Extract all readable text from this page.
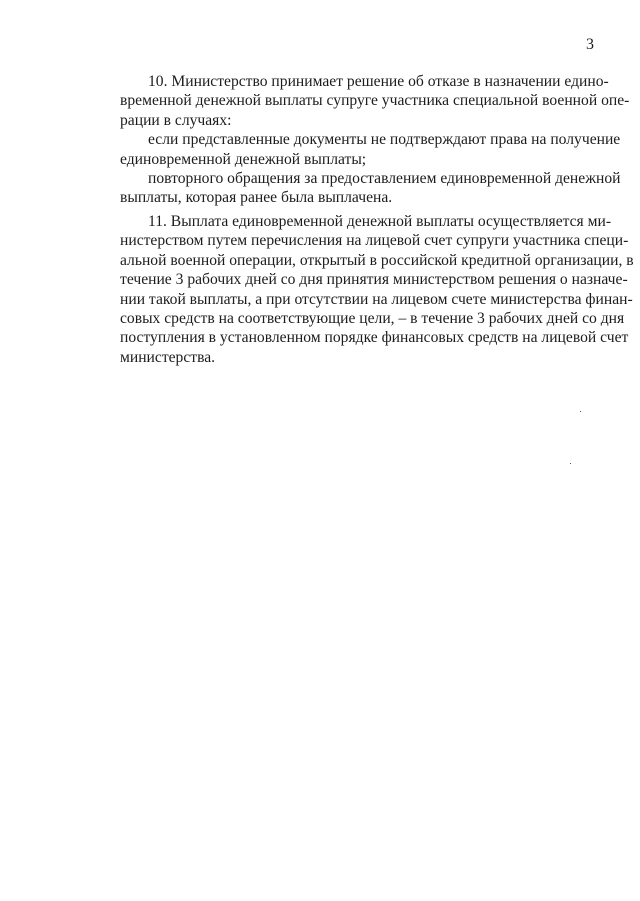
3
10. Министерство принимает решение об отказе в назначении едино-
временной денежной выплаты супруге участника специальной военной опе-
рации в случаях:
если представленные документы не подтверждают права на получение
единовременной денежной выплаты;
повторного обращения за предоставлением единовременной денежной
выплаты, которая ранее была выплачена.
11. Выплата единовременной денежной выплаты осуществляется ми-
нистерством путем перечисления на лицевой счет супруги участника специ-
альной военной операции, открытый в российской кредитной организации, в
течение 3 рабочих дней со дня принятия министерством решения о назначе-
нии такой выплаты, а при отсутствии на лицевом счете министерства финан-
совых средств на соответствующие цели, – в течение 3 рабочих дней со дня
поступления в установленном порядке финансовых средств на лицевой счет
министерства.
